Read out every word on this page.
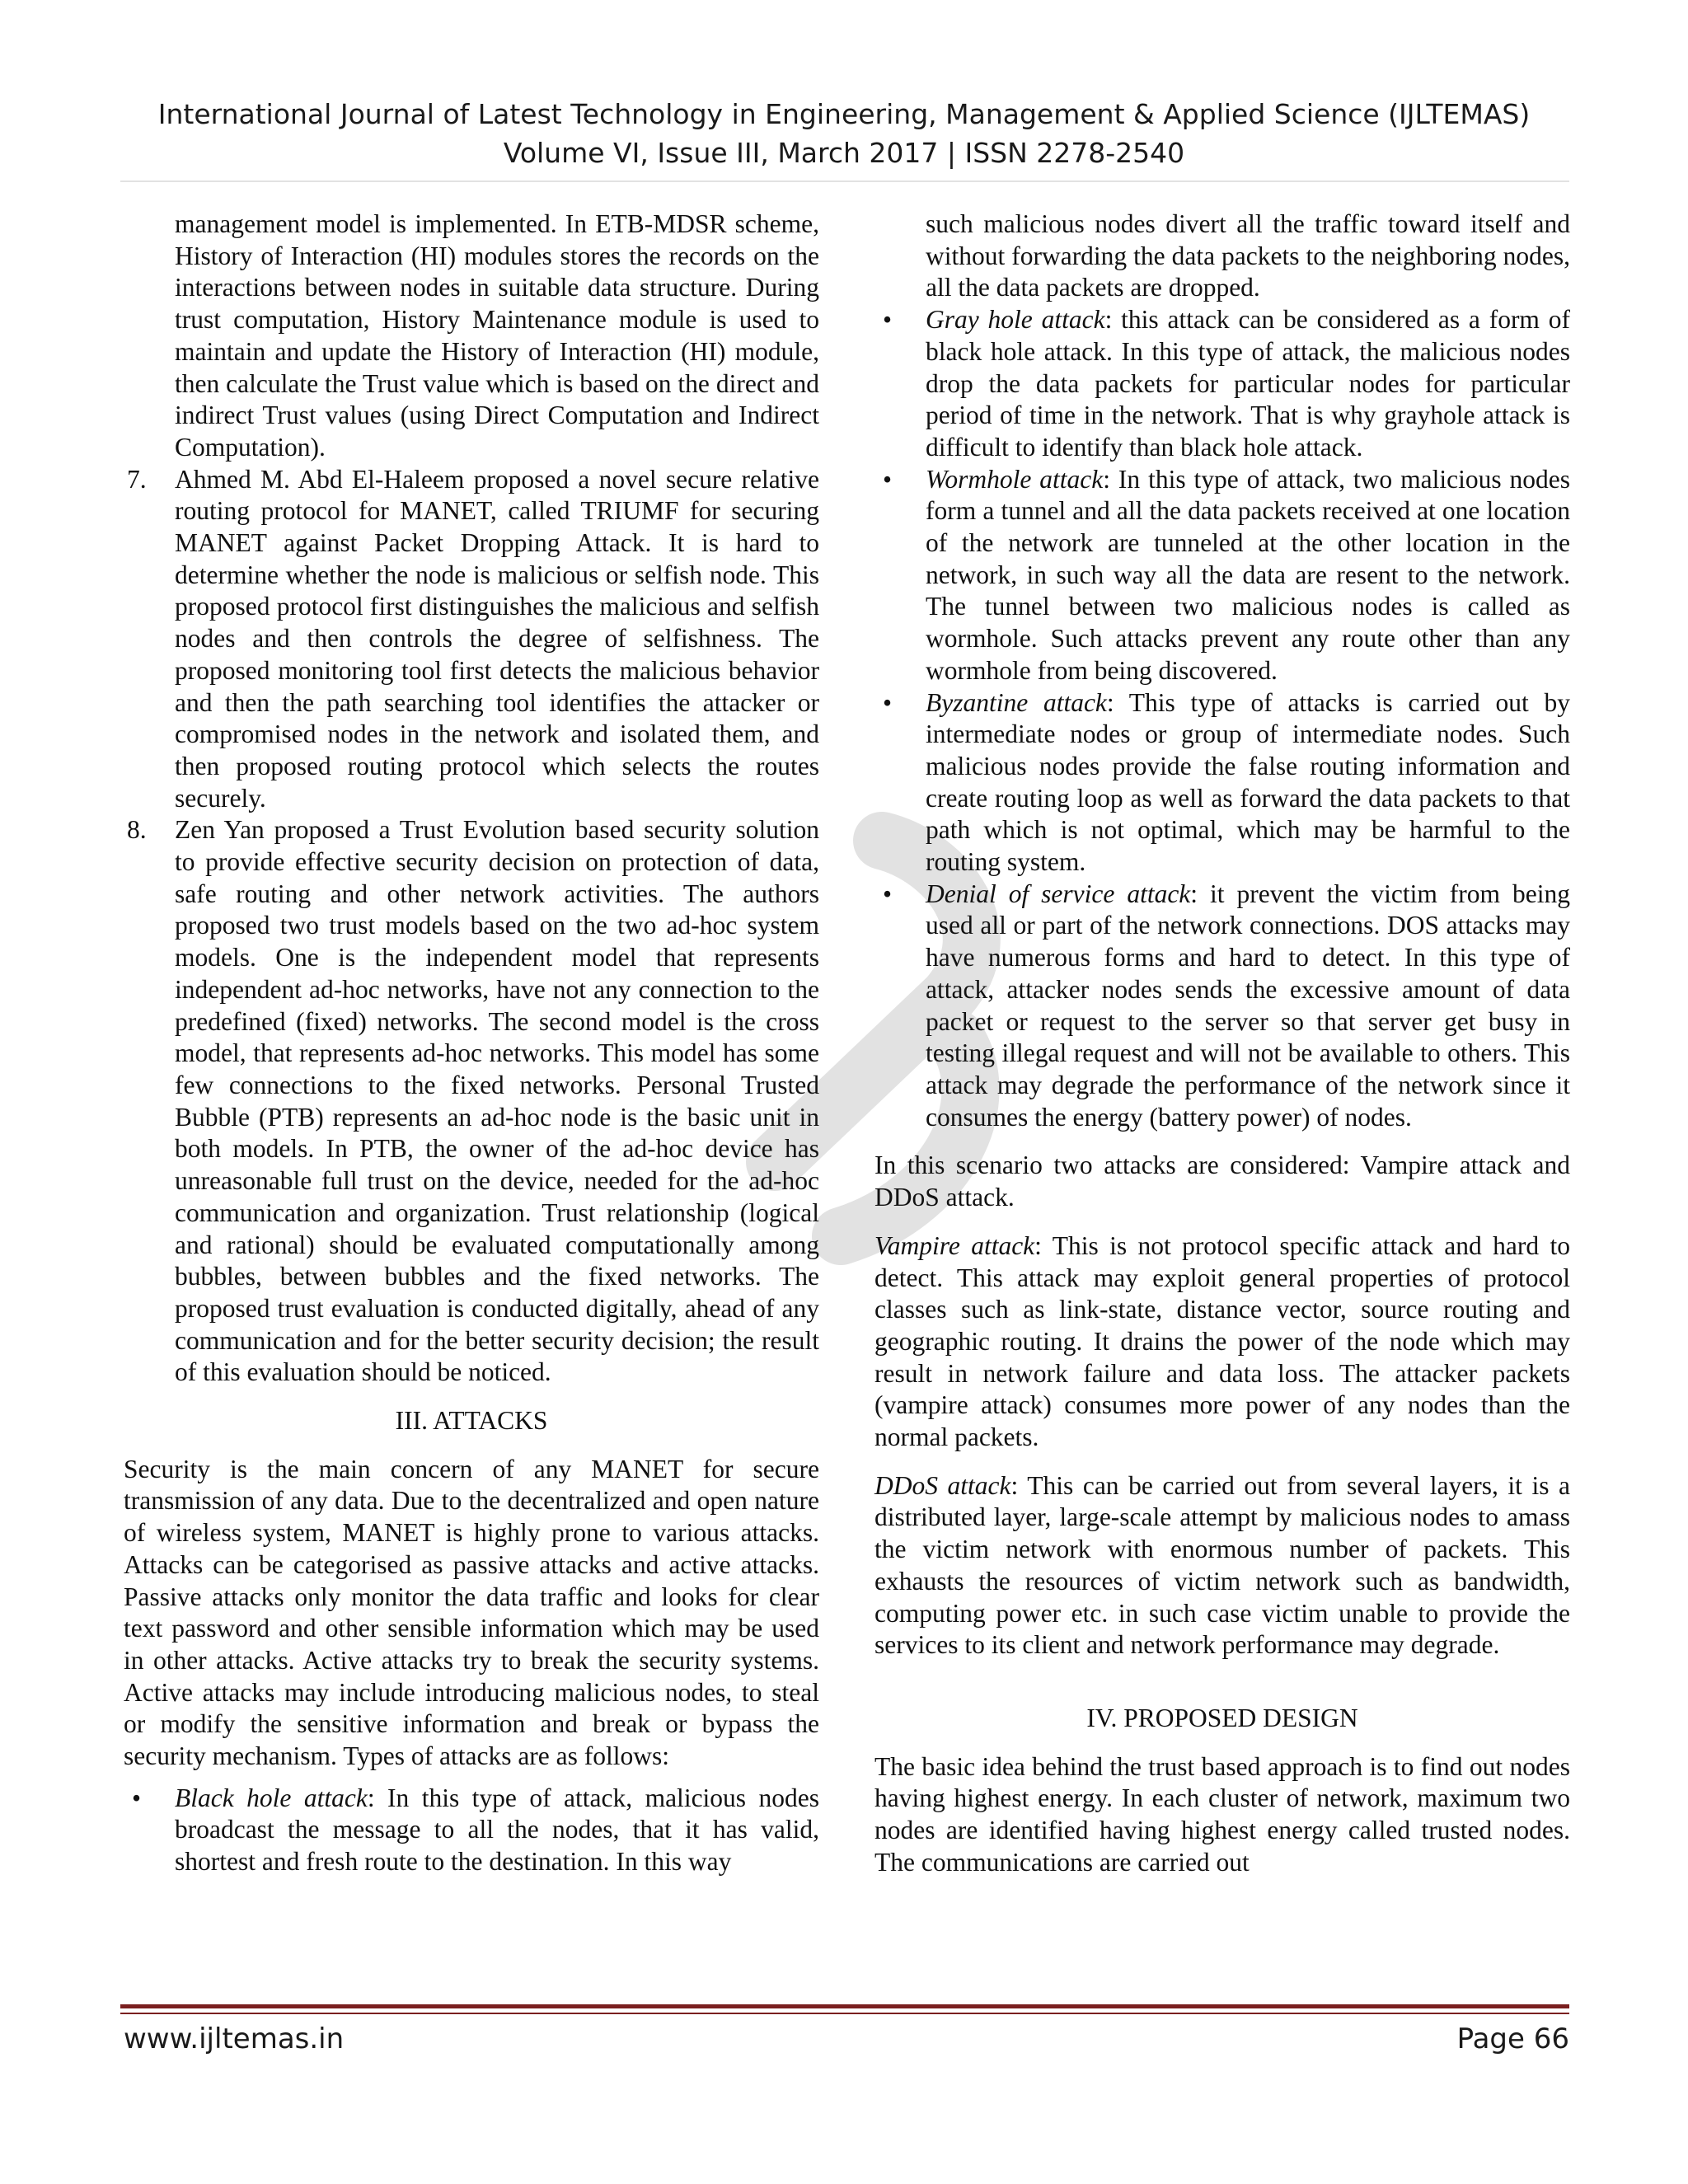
International Journal of Latest Technology in Engineering, Management & Applied Science (IJLTEMAS)
Volume VI, Issue III, March 2017 | ISSN 2278-2540

management model is implemented. In ETB-MDSR scheme, History of Interaction (HI) modules stores the records on the interactions between nodes in suitable data structure. During trust computation, History Maintenance module is used to maintain and update the History of Interaction (HI) module, then calculate the Trust value which is based on the direct and indirect Trust values (using Direct Computation and Indirect Computation).

7. Ahmed M. Abd El-Haleem proposed a novel secure relative routing protocol for MANET, called TRIUMF for securing MANET against Packet Dropping Attack. It is hard to determine whether the node is malicious or selfish node. This proposed protocol first distinguishes the malicious and selfish nodes and then controls the degree of selfishness. The proposed monitoring tool first detects the malicious behavior and then the path searching tool identifies the attacker or compromised nodes in the network and isolated them, and then proposed routing protocol which selects the routes securely.
8. Zen Yan proposed a Trust Evolution based security solution to provide effective security decision on protection of data, safe routing and other network activities. The authors proposed two trust models based on the two ad-hoc system models. One is the independent model that represents independent ad-hoc networks, have not any connection to the predefined (fixed) networks. The second model is the cross model, that represents ad-hoc networks. This model has some few connections to the fixed networks. Personal Trusted Bubble (PTB) represents an ad-hoc node is the basic unit in both models. In PTB, the owner of the ad-hoc device has unreasonable full trust on the device, needed for the ad-hoc communication and organization. Trust relationship (logical and rational) should be evaluated computationally among bubbles, between bubbles and the fixed networks. The proposed trust evaluation is conducted digitally, ahead of any communication and for the better security decision; the result of this evaluation should be noticed.

III. ATTACKS

Security is the main concern of any MANET for secure transmission of any data. Due to the decentralized and open nature of wireless system, MANET is highly prone to various attacks. Attacks can be categorised as passive attacks and active attacks. Passive attacks only monitor the data traffic and looks for clear text password and other sensible information which may be used in other attacks. Active attacks try to break the security systems. Active attacks may include introducing malicious nodes, to steal or modify the sensitive information and break or bypass the security mechanism. Types of attacks are as follows:

• Black hole attack: In this type of attack, malicious nodes broadcast the message to all the nodes, that it has valid, shortest and fresh route to the destination. In this way

such malicious nodes divert all the traffic toward itself and without forwarding the data packets to the neighboring nodes, all the data packets are dropped.

• Gray hole attack: this attack can be considered as a form of black hole attack. In this type of attack, the malicious nodes drop the data packets for particular nodes for particular period of time in the network. That is why grayhole attack is difficult to identify than black hole attack.
• Wormhole attack: In this type of attack, two malicious nodes form a tunnel and all the data packets received at one location of the network are tunneled at the other location in the network, in such way all the data are resent to the network. The tunnel between two malicious nodes is called as wormhole. Such attacks prevent any route other than any wormhole from being discovered.
• Byzantine attack: This type of attacks is carried out by intermediate nodes or group of intermediate nodes. Such malicious nodes provide the false routing information and create routing loop as well as forward the data packets to that path which is not optimal, which may be harmful to the routing system.
• Denial of service attack: it prevent the victim from being used all or part of the network connections. DOS attacks may have numerous forms and hard to detect. In this type of attack, attacker nodes sends the excessive amount of data packet or request to the server so that server get busy in testing illegal request and will not be available to others. This attack may degrade the performance of the network since it consumes the energy (battery power) of nodes.

In this scenario two attacks are considered: Vampire attack and DDoS attack.

Vampire attack: This is not protocol specific attack and hard to detect. This attack may exploit general properties of protocol classes such as link-state, distance vector, source routing and geographic routing. It drains the power of the node which may result in network failure and data loss. The attacker packets (vampire attack) consumes more power of any nodes than the normal packets.

DDoS attack: This can be carried out from several layers, it is a distributed layer, large-scale attempt by malicious nodes to amass the victim network with enormous number of packets. This exhausts the resources of victim network such as bandwidth, computing power etc. in such case victim unable to provide the services to its client and network performance may degrade.

IV. PROPOSED DESIGN

The basic idea behind the trust based approach is to find out nodes having highest energy. In each cluster of network, maximum two nodes are identified having highest energy called trusted nodes. The communications are carried out

www.ijltemas.in	Page 66
